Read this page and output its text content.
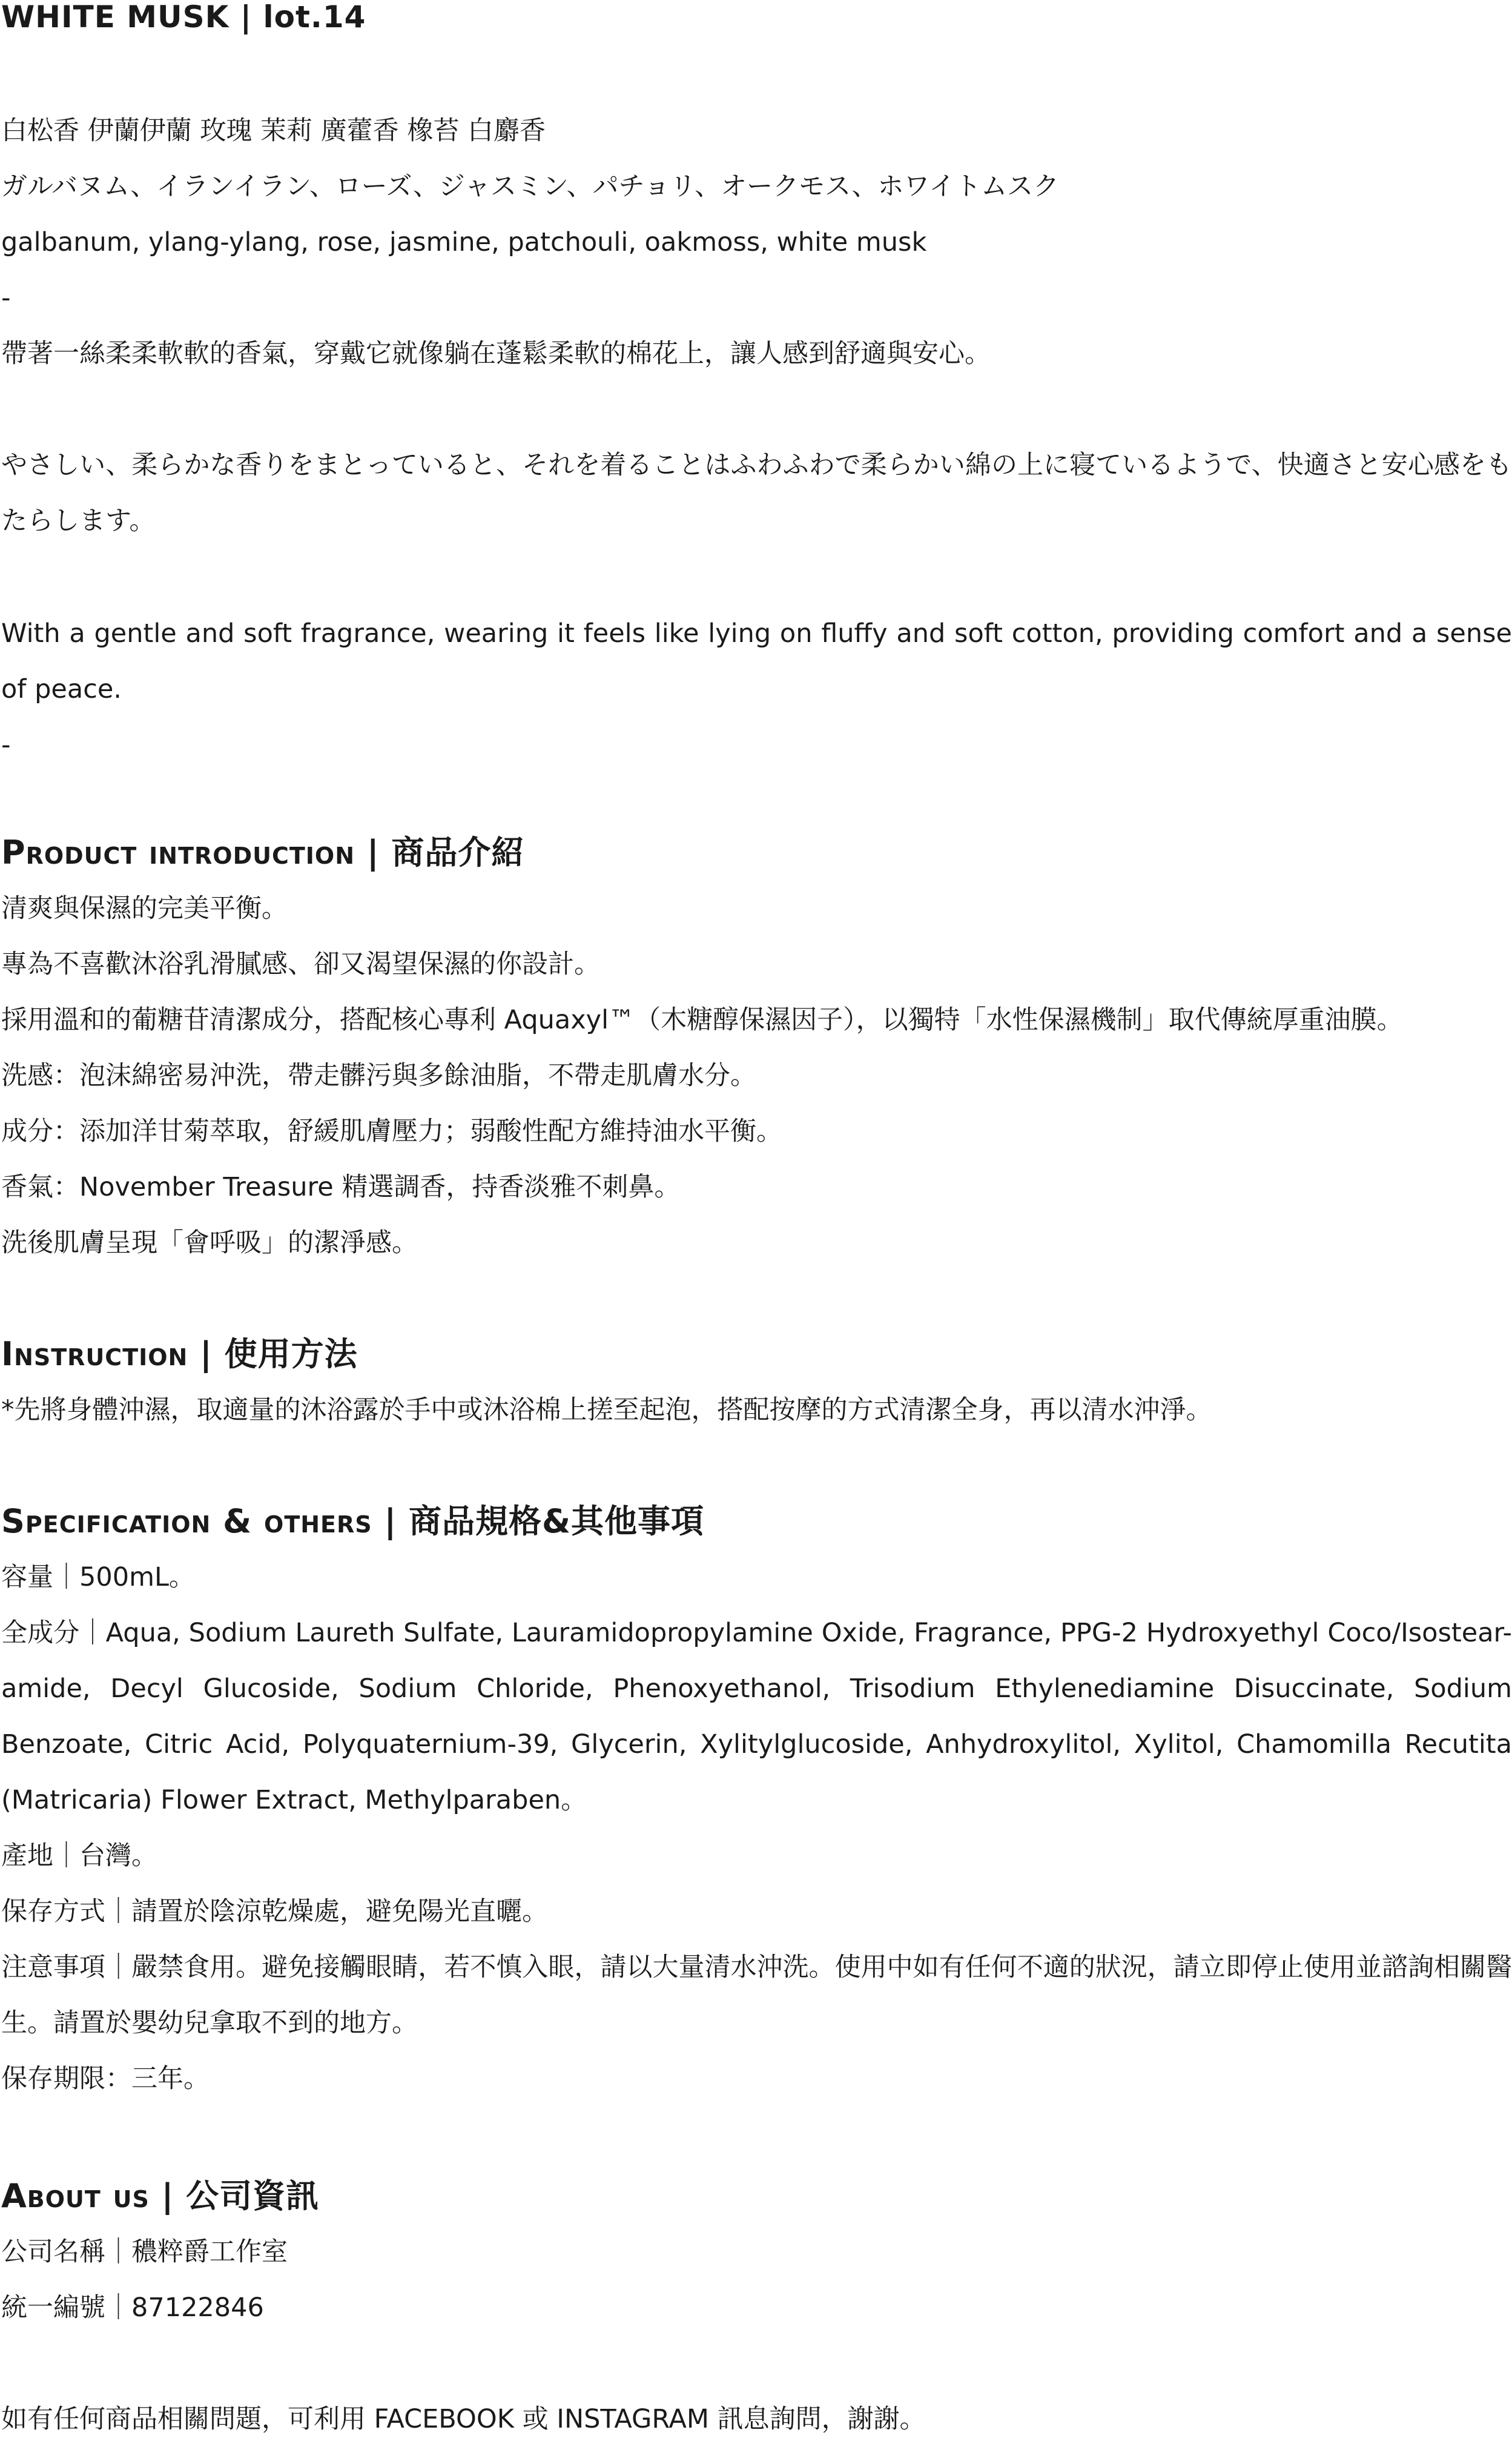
WHITE MUSK | lot.14
白松香 伊蘭伊蘭 玫瑰 茉莉 廣藿香 橡苔 白麝香
ガルバヌム、イランイラン、ローズ、ジャスミン、パチョリ、オークモス、ホワイトムスク
galbanum, ylang-ylang, rose, jasmine, patchouli, oakmoss, white musk
-
帶著一絲柔柔軟軟的香氣，穿戴它就像躺在蓬鬆柔軟的棉花上，讓人感到舒適與安心。
やさしい、柔らかな香りをまとっていると、それを着ることはふわふわで柔らかい綿の上に寝ているようで、快適さと安心感をもたらします。
With a gentle and soft fragrance, wearing it feels like lying on fluffy and soft cotton, providing comfort and a sense of peace.
-
Product introduction | 商品介紹
清爽與保濕的完美平衡。
專為不喜歡沐浴乳滑膩感、卻又渴望保濕的你設計。
採用溫和的葡糖苷清潔成分，搭配核心專利 Aquaxyl™（木糖醇保濕因子），以獨特「水性保濕機制」取代傳統厚重油膜。
洗感：泡沫綿密易沖洗，帶走髒污與多餘油脂，不帶走肌膚水分。
成分：添加洋甘菊萃取，舒緩肌膚壓力；弱酸性配方維持油水平衡。
香氣：November Treasure 精選調香，持香淡雅不刺鼻。
洗後肌膚呈現「會呼吸」的潔淨感。
Instruction | 使用方法
*先將身體沖濕，取適量的沐浴露於手中或沐浴棉上搓至起泡，搭配按摩的方式清潔全身，再以清水沖淨。
Specification & others | 商品規格&其他事項
容量｜500mL。
全成分｜Aqua, Sodium Laureth Sulfate, Lauramidopropylamine Oxide, Fragrance, PPG-2 Hydroxyethyl Coco/Isostear-amide, Decyl Glucoside, Sodium Chloride, Phenoxyethanol, Trisodium Ethylenediamine Disuccinate, Sodium Benzoate, Citric Acid, Polyquaternium-39, Glycerin, Xylitylglucoside, Anhydroxylitol, Xylitol, Chamomilla Recutita (Matricaria) Flower Extract, Methylparaben。
產地｜台灣。
保存方式｜請置於陰涼乾燥處，避免陽光直曬。
注意事項｜嚴禁食用。避免接觸眼睛，若不慎入眼，請以大量清水沖洗。使用中如有任何不適的狀況，請立即停止使用並諮詢相關醫生。請置於嬰幼兒拿取不到的地方。
保存期限：三年。
About us | 公司資訊
公司名稱｜穠粹爵工作室
統一編號｜87122846
如有任何商品相關問題，可利用 FACEBOOK 或 INSTAGRAM 訊息詢問，謝謝。
